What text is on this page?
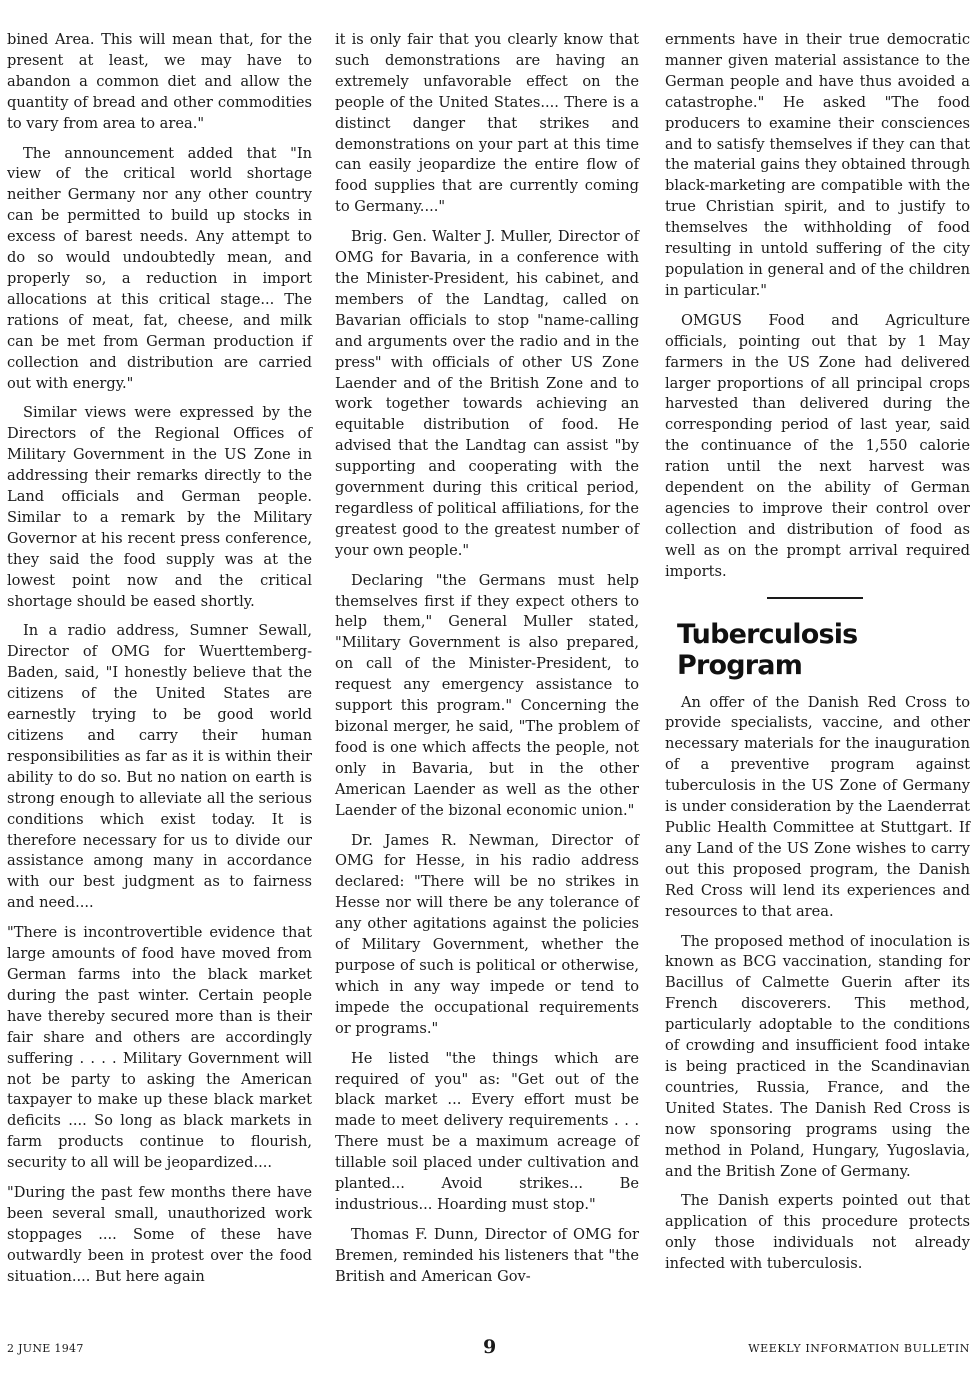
bined Area. This will mean that, for the present at least, we may have to abandon a common diet and allow the quantity of bread and other commodities to vary from area to area."

The announcement added that "In view of the critical world shortage neither Germany nor any other country can be permitted to build up stocks in excess of barest needs. Any attempt to do so would undoubtedly mean, and properly so, a reduction in import allocations at this critical stage... The rations of meat, fat, cheese, and milk can be met from German production if collection and distribution are carried out with energy."

Similar views were expressed by the Directors of the Regional Offices of Military Government in the US Zone in addressing their remarks directly to the Land officials and German people. Similar to a remark by the Military Governor at his recent press conference, they said the food supply was at the lowest point now and the critical shortage should be eased shortly.

In a radio address, Sumner Sewall, Director of OMG for Wuerttemberg-Baden, said, "I honestly believe that the citizens of the United States are earnestly trying to be good world citizens and carry their human responsibilities as far as it is within their ability to do so. But no nation on earth is strong enough to alleviate all the serious conditions which exist today. It is therefore necessary for us to divide our assistance among many in accordance with our best judgment as to fairness and need....

"There is incontrovertible evidence that large amounts of food have moved from German farms into the black market during the past winter. Certain people have thereby secured more than is their fair share and others are accordingly suffering . . . . Military Government will not be party to asking the American taxpayer to make up these black market deficits .... So long as black markets in farm products continue to flourish, security to all will be jeopardized....

"During the past few months there have been several small, unauthorized work stoppages .... Some of these have outwardly been in protest over the food situation.... But here again

it is only fair that you clearly know that such demonstrations are having an extremely unfavorable effect on the people of the United States.... There is a distinct danger that strikes and demonstrations on your part at this time can easily jeopardize the entire flow of food supplies that are currently coming to Germany...."

Brig. Gen. Walter J. Muller, Director of OMG for Bavaria, in a conference with the Minister-President, his cabinet, and members of the Landtag, called on Bavarian officials to stop "name-calling and arguments over the radio and in the press" with officials of other US Zone Laender and of the British Zone and to work together towards achieving an equitable distribution of food. He advised that the Landtag can assist "by supporting and cooperating with the government during this critical period, regardless of political affiliations, for the greatest good to the greatest number of your own people."

Declaring "the Germans must help themselves first if they expect others to help them," General Muller stated, "Military Government is also prepared, on call of the Minister-President, to request any emergency assistance to support this program." Concerning the bizonal merger, he said, "The problem of food is one which affects the people, not only in Bavaria, but in the other American Laender as well as the other Laender of the bizonal economic union."

Dr. James R. Newman, Director of OMG for Hesse, in his radio address declared: "There will be no strikes in Hesse nor will there be any tolerance of any other agitations against the policies of Military Government, whether the purpose of such is political or otherwise, which in any way impede or tend to impede the occupational requirements or programs."

He listed "the things which are required of you" as: "Get out of the black market ... Every effort must be made to meet delivery requirements . . . There must be a maximum acreage of tillable soil placed under cultivation and planted... Avoid strikes... Be industrious... Hoarding must stop."

Thomas F. Dunn, Director of OMG for Bremen, reminded his listeners that "the British and American Gov-

ernments have in their true democratic manner given material assistance to the German people and have thus avoided a catastrophe." He asked "The food producers to examine their consciences and to satisfy themselves if they can that the material gains they obtained through black-marketing are compatible with the true Christian spirit, and to justify to themselves the withholding of food resulting in untold suffering of the city population in general and of the children in particular."

OMGUS Food and Agriculture officials, pointing out that by 1 May farmers in the US Zone had delivered larger proportions of all principal crops harvested than delivered during the corresponding period of last year, said the continuance of the 1,550 calorie ration until the next harvest was dependent on the ability of German agencies to improve their control over collection and distribution of food as well as on the prompt arrival required imports.

Tuberculosis Program

An offer of the Danish Red Cross to provide specialists, vaccine, and other necessary materials for the inauguration of a preventive program against tuberculosis in the US Zone of Germany is under consideration by the Laenderrat Public Health Committee at Stuttgart. If any Land of the US Zone wishes to carry out this proposed program, the Danish Red Cross will lend its experiences and resources to that area.

The proposed method of inoculation is known as BCG vaccination, standing for Bacillus of Calmette Guerin after its French discoverers. This method, particularly adoptable to the conditions of crowding and insufficient food intake is being practiced in the Scandinavian countries, Russia, France, and the United States. The Danish Red Cross is now sponsoring programs using the method in Poland, Hungary, Yugoslavia, and the British Zone of Germany.

The Danish experts pointed out that application of this procedure protects only those individuals not already infected with tuberculosis.

2 JUNE 1947	9	WEEKLY INFORMATION BULLETIN
